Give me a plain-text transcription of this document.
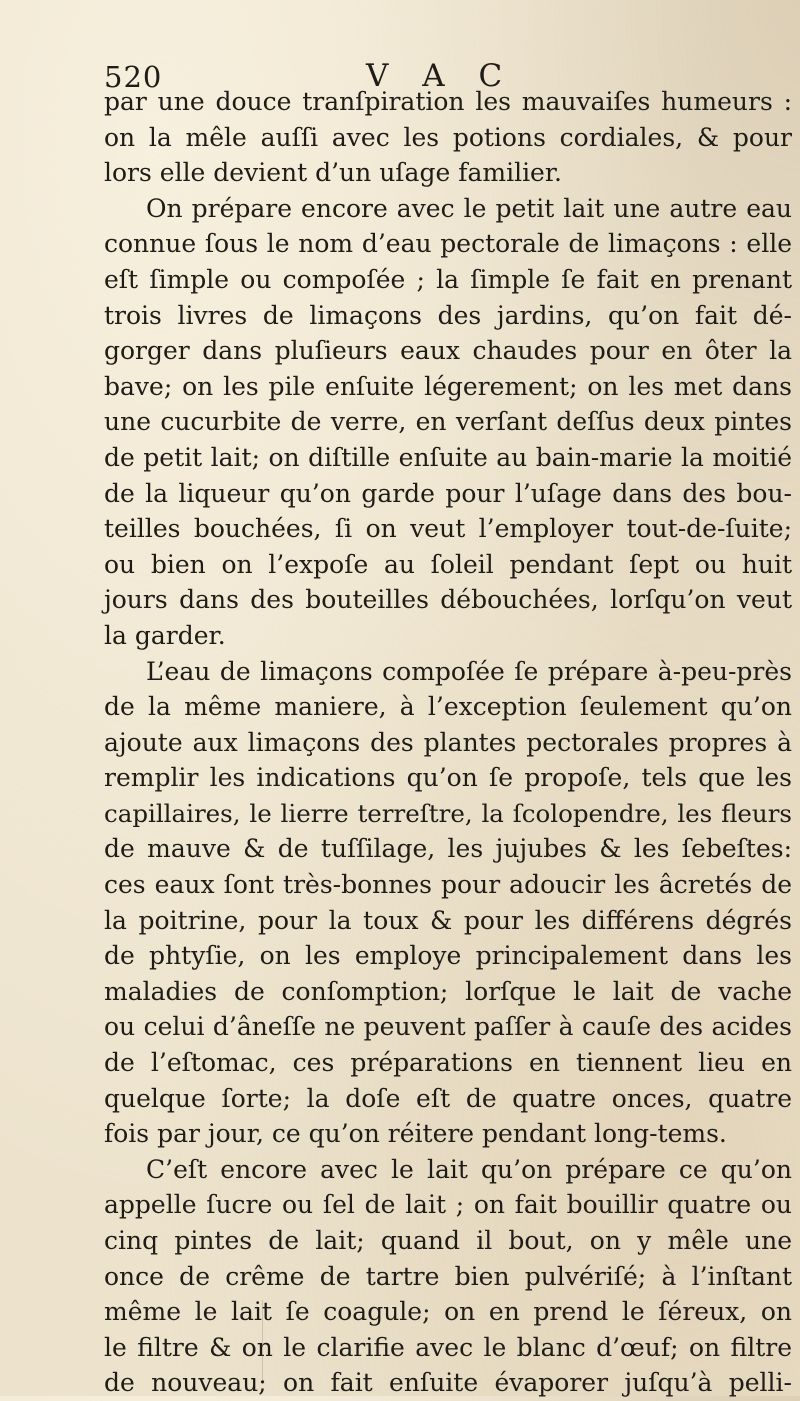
520	V A C
par une douce tranſpiration les mauvaiſes humeurs :
on la mêle auſſi avec les potions cordiales, & pour
lors elle devient d’un uſage familier.
On prépare encore avec le petit lait une autre eau
connue ſous le nom d’eau pectorale de limaçons : elle
eſt ſimple ou compoſée ; la ſimple ſe fait en prenant
trois livres de limaçons des jardins, qu’on fait dé-
gorger dans pluſieurs eaux chaudes pour en ôter la
bave; on les pile enſuite légerement; on les met dans
une cucurbite de verre, en verſant deſſus deux pintes
de petit lait; on diſtille enſuite au bain-marie la moitié
de la liqueur qu’on garde pour l’uſage dans des bou-
teilles bouchées, ſi on veut l’employer tout-de-ſuite;
ou bien on l’expoſe au ſoleil pendant ſept ou huit
jours dans des bouteilles débouchées, lorſqu’on veut
la garder.
L’eau de limaçons compoſée ſe prépare à-peu-près
de la même maniere, à l’exception ſeulement qu’on
ajoute aux limaçons des plantes pectorales propres à
remplir les indications qu’on ſe propoſe, tels que les
capillaires, le lierre terreſtre, la ſcolopendre, les fleurs
de mauve & de tuſſilage, les jujubes & les ſebeſtes:
ces eaux ſont très-bonnes pour adoucir les âcretés de
la poitrine, pour la toux & pour les différens dégrés
de phtyſie, on les employe principalement dans les
maladies de conſomption; lorſque le lait de vache
ou celui d’âneſſe ne peuvent paſſer à cauſe des acides
de l’eſtomac, ces préparations en tiennent lieu en
quelque ſorte; la doſe eſt de quatre onces, quatre
fois par jour, ce qu’on réitere pendant long-tems.
C’eſt encore avec le lait qu’on prépare ce qu’on
appelle ſucre ou ſel de lait ; on fait bouillir quatre ou
cinq pintes de lait; quand il bout, on y mêle une
once de crême de tartre bien pulvériſé; à l’inſtant
même le lait ſe coagule; on en prend le ſéreux, on
le filtre & on le clarifie avec le blanc d’œuf; on filtre
de nouveau; on fait enſuite évaporer juſqu’à pelli-
